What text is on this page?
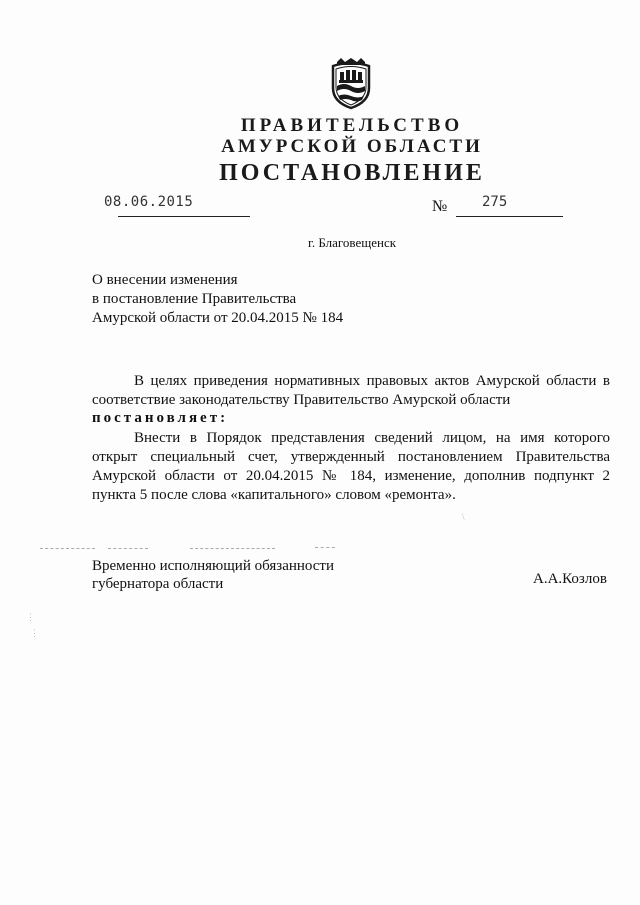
ПРАВИТЕЛЬСТВО
АМУРСКОЙ ОБЛАСТИ
ПОСТАНОВЛЕНИЕ
08.06.2015	№ 275
г. Благовещенск
О внесении изменения
в постановление Правительства
Амурской области от 20.04.2015 № 184
В целях приведения нормативных правовых актов Амурской области в
соответствие законодательству Правительство Амурской области
постановляет:
Внести в Порядок представления сведений лицом, на имя которого
открыт специальный счет, утвержденный постановлением Правительства
Амурской области от 20.04.2015 № 184, изменение, дополнив подпункт 2
пункта 5 после слова «капитального» словом «ремонта».
⋮
⋮
\
Временно исполняющий обязанности
губернатора области	А.А.Козлов
